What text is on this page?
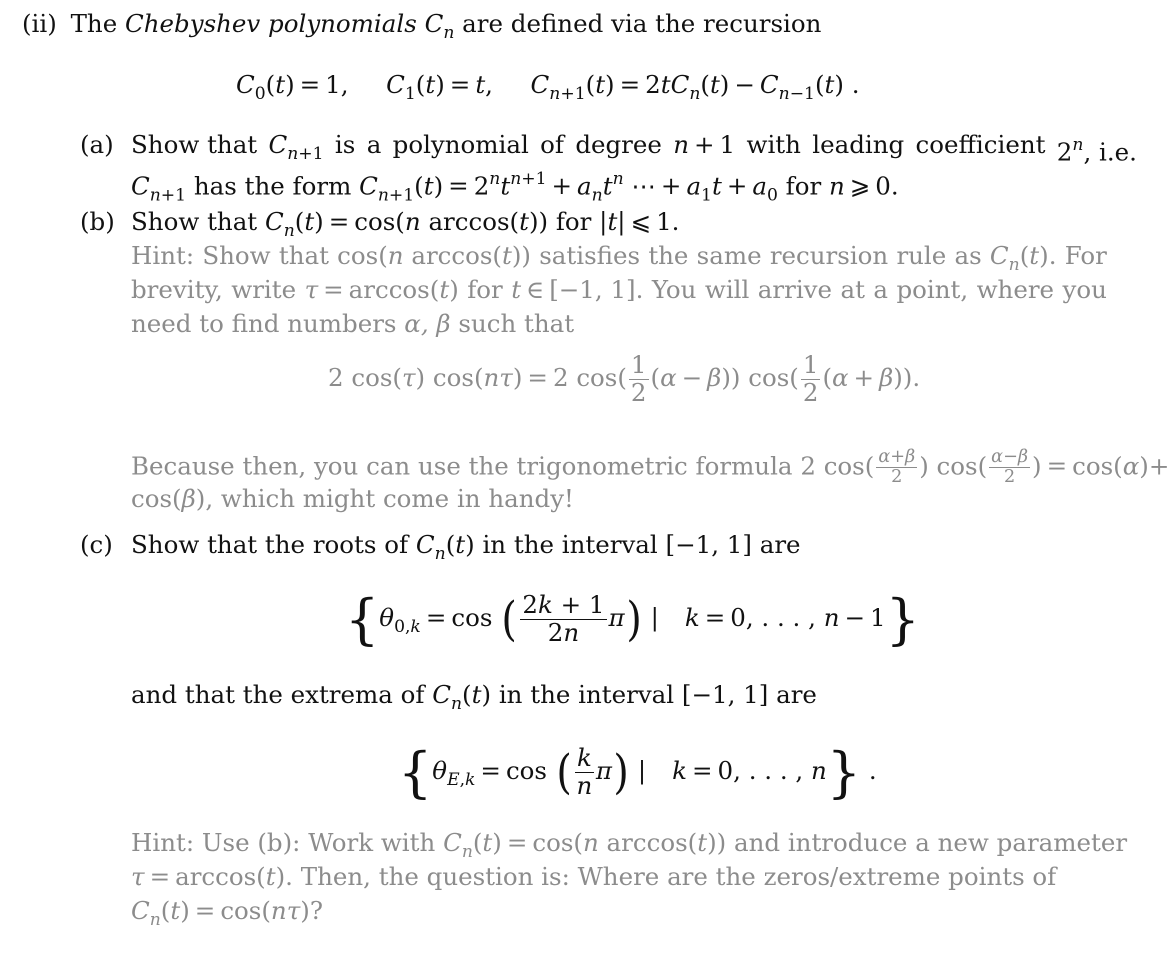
(ii) The Chebyshev polynomials $C_n$ are defined via the recursion
$C_0(t) = 1$,  $C_1(t) = t$,  $C_{n+1}(t) = 2tC_n(t) - C_{n-1}(t)$ .
(a) Show that $C_{n+1}$ is a polynomial of degree n + 1 with leading coefficient 2$^n$, i.e.
$C_{n+1}$ has the form $C_{n+1}(t) = 2^nt^{n+1} + a_nt^n$ ⋯ + $a_1t + a_0$ for n ⩾ 0.
(b) Show that $C_n(t) = \cos(n$ arccos(t)) for |t| ⩽ 1.
Hint: Show that cos(n arccos(t)) satisfies the same recursion rule as $C_n(t)$. For
brevity, write τ = arccos(t) for t ∈ [−1, 1]. You will arrive at a point, where you
need to find numbers α, β such that
2 cos(τ) cos(nτ) = 2 $\cos( \frac{1}{2} (\alpha - \beta))$ $\cos( \frac{1}{2} (\alpha + \beta))$.
Because then, you can use the trigonometric formula 2 $\cos( \frac{\alpha+\beta}{2}$ ) $\cos( \frac{\alpha-\beta}{2}$ ) = cos(α)+
cos(β), which might come in handy!
(c) Show that the roots of $C_n(t)$ in the interval [−1, 1] are
{$\theta_{0,k} = \cos$ ( $\frac{2k + 1}{2n} \pi$) | k = 0, . . . , n − 1}
and that the extrema of $C_n(t)$ in the interval [−1, 1] are
{$\theta_{E,k} = \cos$ ( $\frac{k}{n} \pi$) | k = 0, . . . , n} .
Hint: Use (b): Work with $C_n(t) = \cos(n$ arccos(t)) and introduce a new parameter
τ = arccos(t). Then, the question is: Where are the zeros/extreme points of
$C_n(t) = \cos(n\tau)$?
